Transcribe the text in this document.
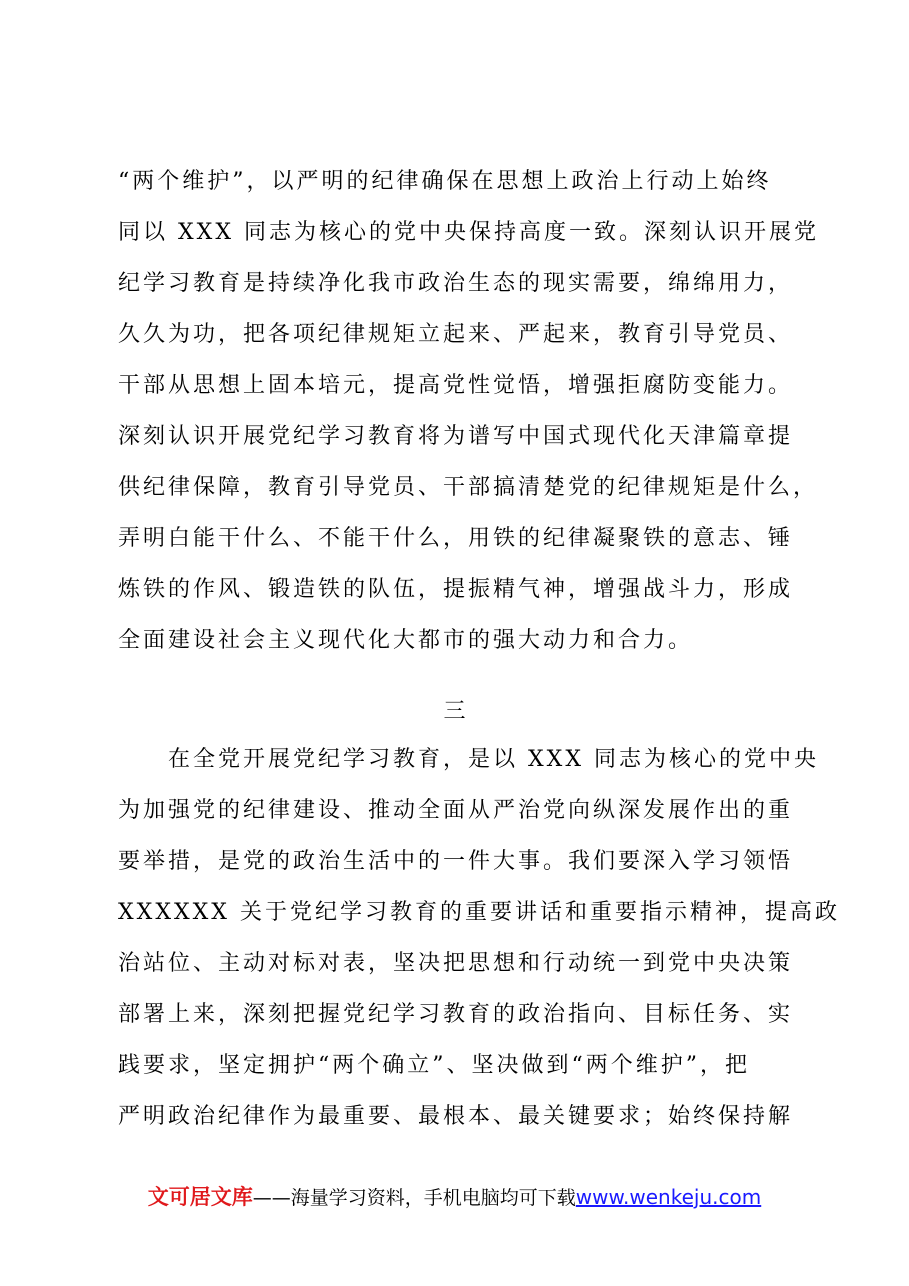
“两个维护”，以严明的纪律确保在思想上政治上行动上始终
同以 XXX 同志为核心的党中央保持高度一致。深刻认识开展党
纪学习教育是持续净化我市政治生态的现实需要，绵绵用力，
久久为功，把各项纪律规矩立起来、严起来，教育引导党员、
干部从思想上固本培元，提高党性觉悟，增强拒腐防变能力。
深刻认识开展党纪学习教育将为谱写中国式现代化天津篇章提
供纪律保障，教育引导党员、干部搞清楚党的纪律规矩是什么，
弄明白能干什么、不能干什么，用铁的纪律凝聚铁的意志、锤
炼铁的作风、锻造铁的队伍，提振精气神，增强战斗力，形成
全面建设社会主义现代化大都市的强大动力和合力。
三
在全党开展党纪学习教育，是以 XXX 同志为核心的党中央
为加强党的纪律建设、推动全面从严治党向纵深发展作出的重
要举措，是党的政治生活中的一件大事。我们要深入学习领悟
XXXXXX 关于党纪学习教育的重要讲话和重要指示精神，提高政
治站位、主动对标对表，坚决把思想和行动统一到党中央决策
部署上来，深刻把握党纪学习教育的政治指向、目标任务、实
践要求，坚定拥护“两个确立”、坚决做到“两个维护”，把
严明政治纪律作为最重要、最根本、最关键要求；始终保持解
文可居文库——海量学习资料，手机电脑均可下载www.wenkeju.com
